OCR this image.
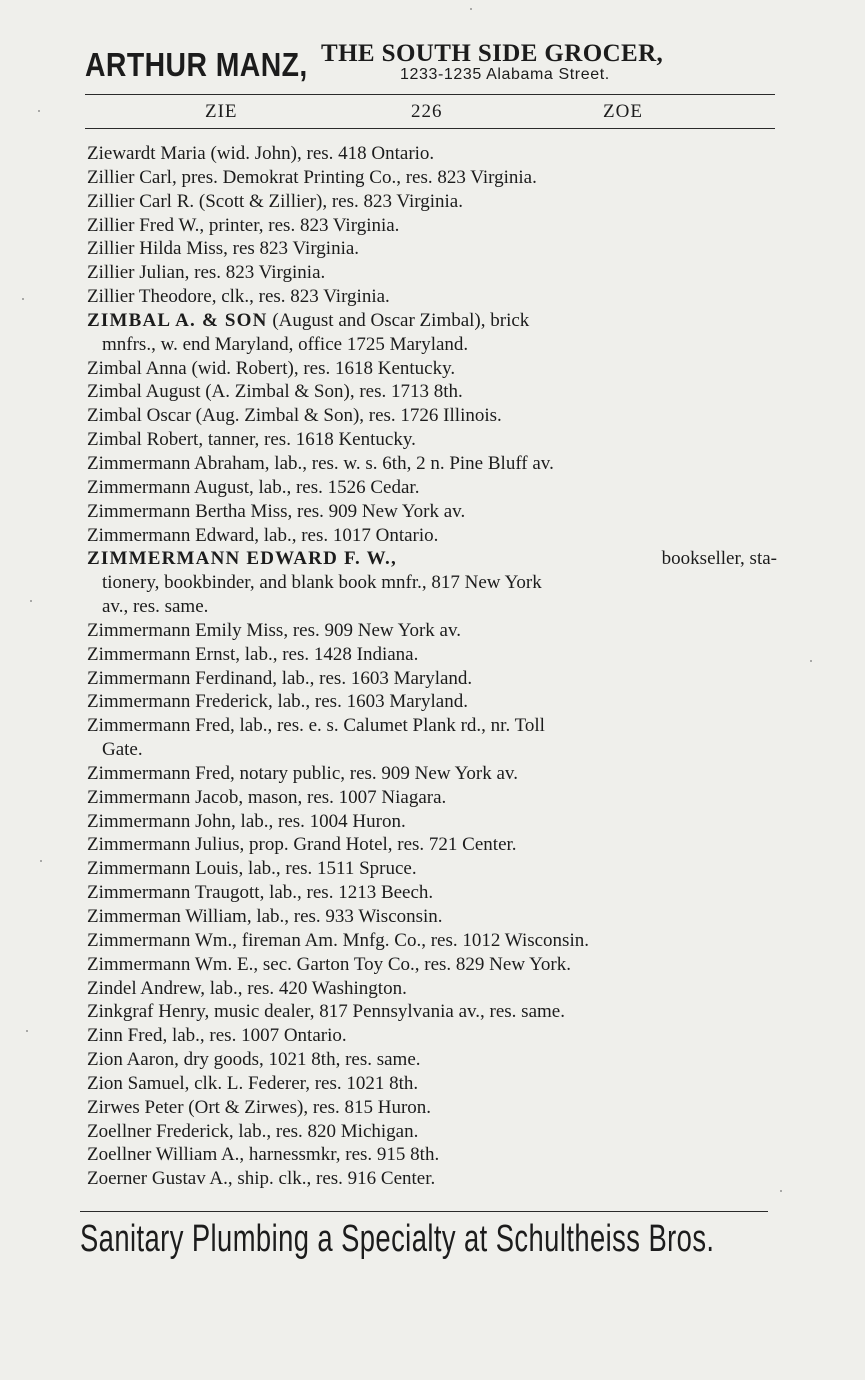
ARTHUR MANZ, THE SOUTH SIDE GROCER,
1233-1235 Alabama Street.
ZIE	226	ZOE
Ziewardt Maria (wid. John), res. 418 Ontario.
Zillier Carl, pres. Demokrat Printing Co., res. 823 Virginia.
Zillier Carl R. (Scott & Zillier), res. 823 Virginia.
Zillier Fred W., printer, res. 823 Virginia.
Zillier Hilda Miss, res 823 Virginia.
Zillier Julian, res. 823 Virginia.
Zillier Theodore, clk., res. 823 Virginia.
ZIMBAL A. & SON (August and Oscar Zimbal), brick
mnfrs., w. end Maryland, office 1725 Maryland.
Zimbal Anna (wid. Robert), res. 1618 Kentucky.
Zimbal August (A. Zimbal & Son), res. 1713 8th.
Zimbal Oscar (Aug. Zimbal & Son), res. 1726 Illinois.
Zimbal Robert, tanner, res. 1618 Kentucky.
Zimmermann Abraham, lab., res. w. s. 6th, 2 n. Pine Bluff av.
Zimmermann August, lab., res. 1526 Cedar.
Zimmermann Bertha Miss, res. 909 New York av.
Zimmermann Edward, lab., res. 1017 Ontario.
ZIMMERMANN EDWARD F. W.,	bookseller, sta-
tionery, bookbinder, and blank book mnfr., 817 New York
av., res. same.
Zimmermann Emily Miss, res. 909 New York av.
Zimmermann Ernst, lab., res. 1428 Indiana.
Zimmermann Ferdinand, lab., res. 1603 Maryland.
Zimmermann Frederick, lab., res. 1603 Maryland.
Zimmermann Fred, lab., res. e. s. Calumet Plank rd., nr. Toll
Gate.
Zimmermann Fred, notary public, res. 909 New York av.
Zimmermann Jacob, mason, res. 1007 Niagara.
Zimmermann John, lab., res. 1004 Huron.
Zimmermann Julius, prop. Grand Hotel, res. 721 Center.
Zimmermann Louis, lab., res. 1511 Spruce.
Zimmermann Traugott, lab., res. 1213 Beech.
Zimmerman William, lab., res. 933 Wisconsin.
Zimmermann Wm., fireman Am. Mnfg. Co., res. 1012 Wisconsin.
Zimmermann Wm. E., sec. Garton Toy Co., res. 829 New York.
Zindel Andrew, lab., res. 420 Washington.
Zinkgraf Henry, music dealer, 817 Pennsylvania av., res. same.
Zinn Fred, lab., res. 1007 Ontario.
Zion Aaron, dry goods, 1021 8th, res. same.
Zion Samuel, clk. L. Federer, res. 1021 8th.
Zirwes Peter (Ort & Zirwes), res. 815 Huron.
Zoellner Frederick, lab., res. 820 Michigan.
Zoellner William A., harnessmkr, res. 915 8th.
Zoerner Gustav A., ship. clk., res. 916 Center.
Sanitary Plumbing a Specialty at Schultheiss Bros.
